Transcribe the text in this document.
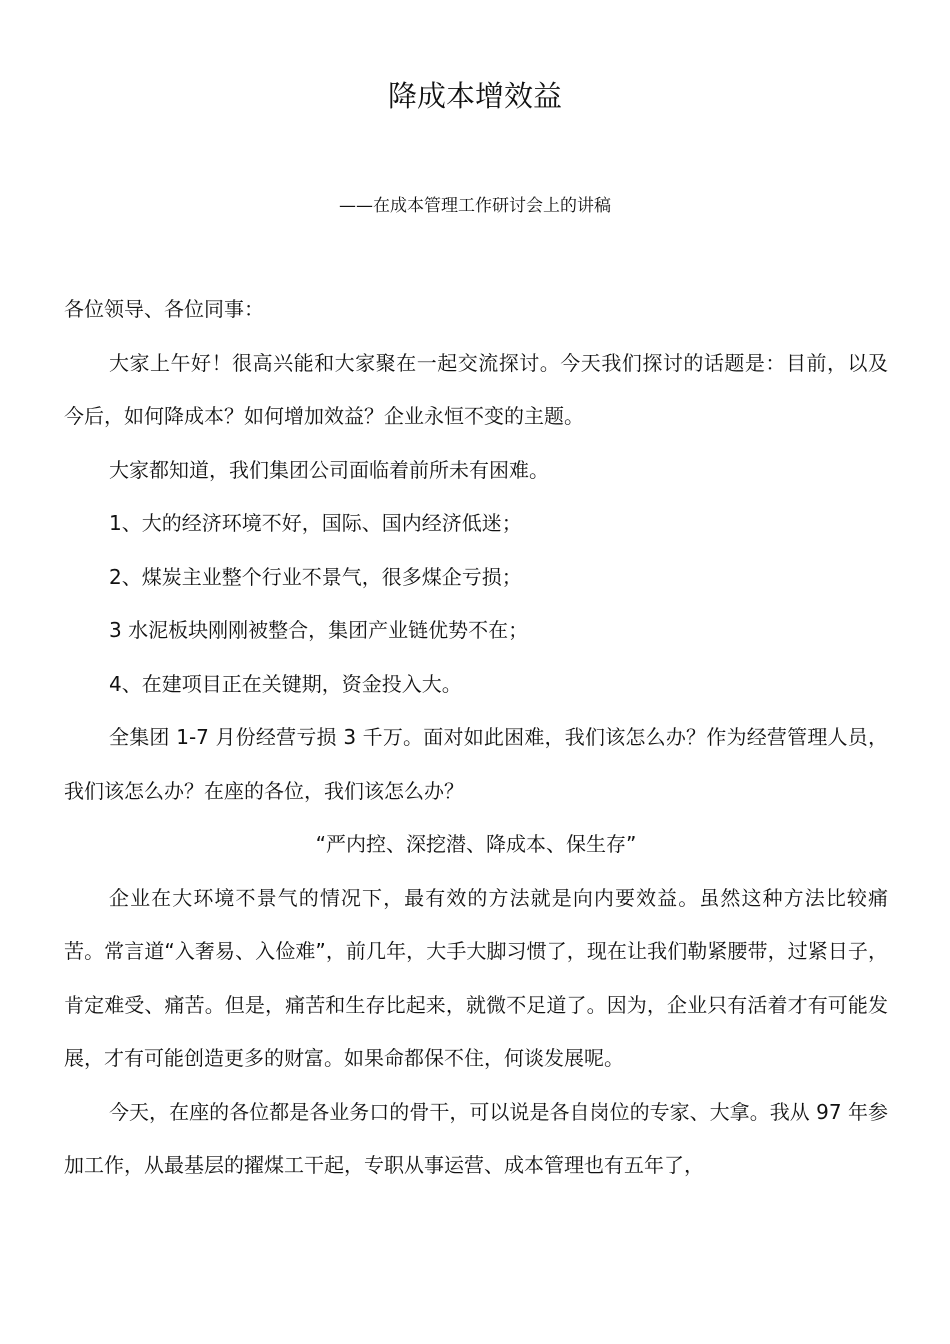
降成本增效益

——在成本管理工作研讨会上的讲稿

各位领导、各位同事：

大家上午好！很高兴能和大家聚在一起交流探讨。今天我们探讨的话题是：目前，以及今后，如何降成本？如何增加效益？企业永恒不变的主题。

大家都知道，我们集团公司面临着前所未有困难。

1、大的经济环境不好，国际、国内经济低迷；

2、煤炭主业整个行业不景气，很多煤企亏损；

3 水泥板块刚刚被整合，集团产业链优势不在；

4、在建项目正在关键期，资金投入大。

全集团 1-7 月份经营亏损 3 千万。面对如此困难，我们该怎么办？作为经营管理人员，我们该怎么办？在座的各位，我们该怎么办？

“严内控、深挖潜、降成本、保生存”

企业在大环境不景气的情况下，最有效的方法就是向内要效益。虽然这种方法比较痛苦。常言道“入奢易、入俭难”，前几年，大手大脚习惯了，现在让我们勒紧腰带，过紧日子，肯定难受、痛苦。但是，痛苦和生存比起来，就微不足道了。因为，企业只有活着才有可能发展，才有可能创造更多的财富。如果命都保不住，何谈发展呢。

今天，在座的各位都是各业务口的骨干，可以说是各自岗位的专家、大拿。我从 97 年参加工作，从最基层的擢煤工干起，专职从事运营、成本管理也有五年了，
